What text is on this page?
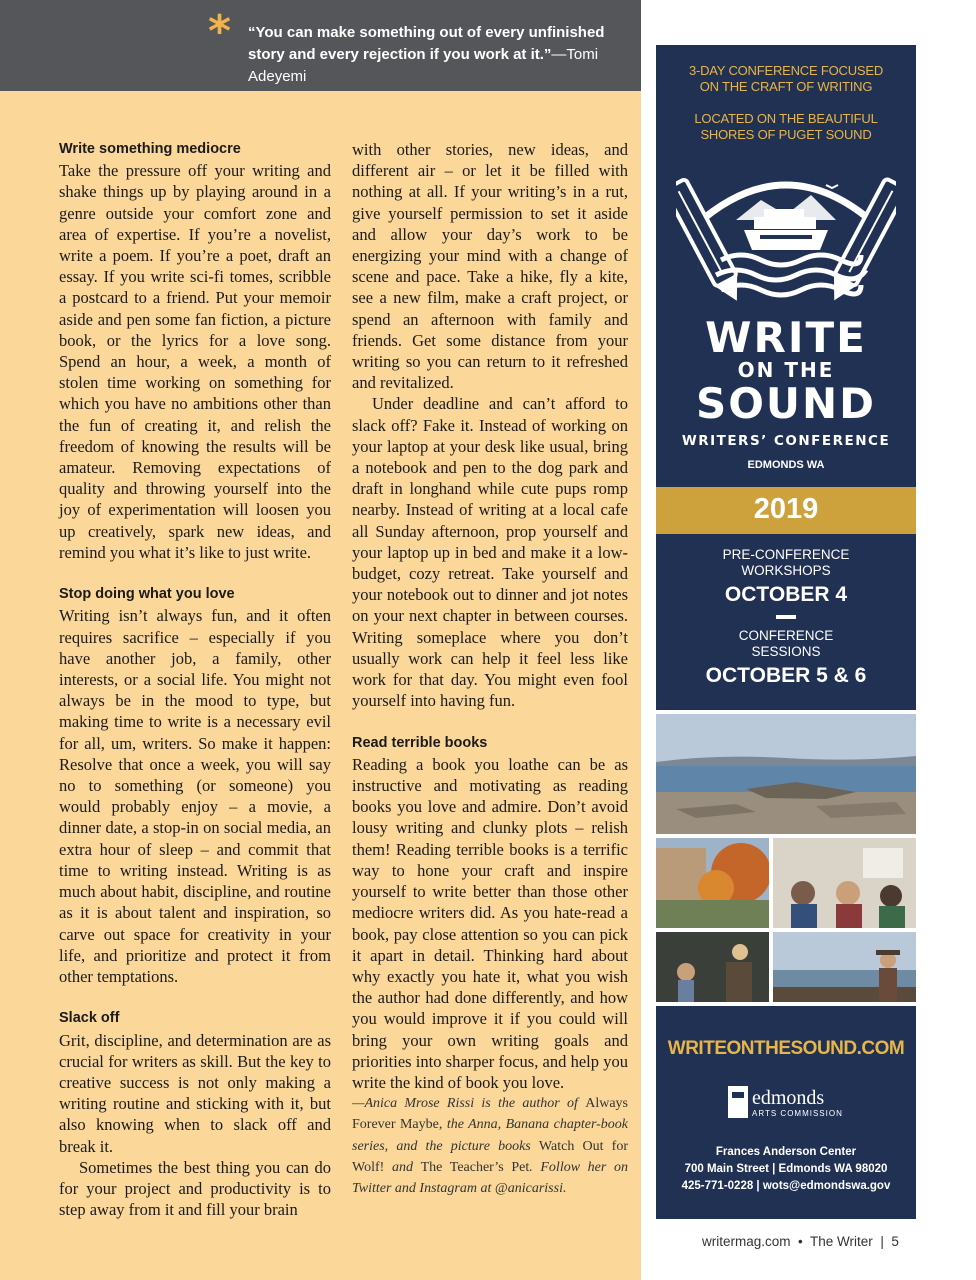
* “You can make something out of every unfinished story and every rejection if you work at it.”—Tomi Adeyemi
Write something mediocre

Take the pressure off your writing and shake things up by playing around in a genre outside your comfort zone and area of expertise. If you’re a novelist, write a poem. If you’re a poet, draft an essay. If you write sci-fi tomes, scribble a postcard to a friend. Put your memoir aside and pen some fan fiction, a picture book, or the lyrics for a love song. Spend an hour, a week, a month of stolen time working on something for which you have no ambitions other than the fun of creating it, and relish the freedom of knowing the results will be amateur. Removing expectations of quality and throwing yourself into the joy of experimentation will loosen you up creatively, spark new ideas, and remind you what it’s like to just write.

Stop doing what you love

Writing isn’t always fun, and it often requires sacrifice – especially if you have another job, a family, other interests, or a social life. You might not always be in the mood to type, but making time to write is a necessary evil for all, um, writers. So make it happen: Resolve that once a week, you will say no to something (or someone) you would probably enjoy – a movie, a dinner date, a stop-in on social media, an extra hour of sleep – and commit that time to writing instead. Writing is as much about habit, discipline, and routine as it is about talent and inspiration, so carve out space for creativity in your life, and prioritize and protect it from other temptations.

Slack off

Grit, discipline, and determination are as crucial for writers as skill. But the key to creative success is not only making a writing routine and sticking with it, but also knowing when to slack off and break it.

Sometimes the best thing you can do for your project and productivity is to step away from it and fill your brain

with other stories, new ideas, and different air – or let it be filled with nothing at all. If your writing’s in a rut, give yourself permission to set it aside and allow your day’s work to be energizing your mind with a change of scene and pace. Take a hike, fly a kite, see a new film, make a craft project, or spend an afternoon with family and friends. Get some distance from your writing so you can return to it refreshed and revitalized.

Under deadline and can’t afford to slack off? Fake it. Instead of working on your laptop at your desk like usual, bring a notebook and pen to the dog park and draft in longhand while cute pups romp nearby. Instead of writing at a local cafe all Sunday afternoon, prop yourself and your laptop up in bed and make it a low-budget, cozy retreat. Take yourself and your notebook out to dinner and jot notes on your next chapter in between courses. Writing someplace where you don’t usually work can help it feel less like work for that day. You might even fool yourself into having fun.

Read terrible books

Reading a book you loathe can be as instructive and motivating as reading books you love and admire. Don’t avoid lousy writing and clunky plots – relish them! Reading terrible books is a terrific way to hone your craft and inspire yourself to write better than those other mediocre writers did. As you hate-read a book, pay close attention so you can pick it apart in detail. Thinking hard about why exactly you hate it, what you wish the author had done differently, and how you would improve it if you could will bring your own writing goals and priorities into sharper focus, and help you write the kind of book you love.

—Anica Mrose Rissi is the author of Always Forever Maybe, the Anna, Banana chapter-book series, and the picture books Watch Out for Wolf! and The Teacher’s Pet. Follow her on Twitter and Instagram at @anicarissi.

3-DAY CONFERENCE FOCUSED
ON THE CRAFT OF WRITING
LOCATED ON THE BEAUTIFUL
SHORES OF PUGET SOUND
WRITE
ON THE
SOUND
WRITERS’ CONFERENCE
EDMONDS WA
2019
PRE-CONFERENCE
WORKSHOPS
OCTOBER 4
CONFERENCE
SESSIONS
OCTOBER 5 & 6
WRITEONTHESOUND.COM
edmonds
ARTS COMMISSION
Frances Anderson Center
700 Main Street | Edmonds WA 98020
425-771-0228 | wots@edmondswa.gov
writermag.com • The Writer | 5
